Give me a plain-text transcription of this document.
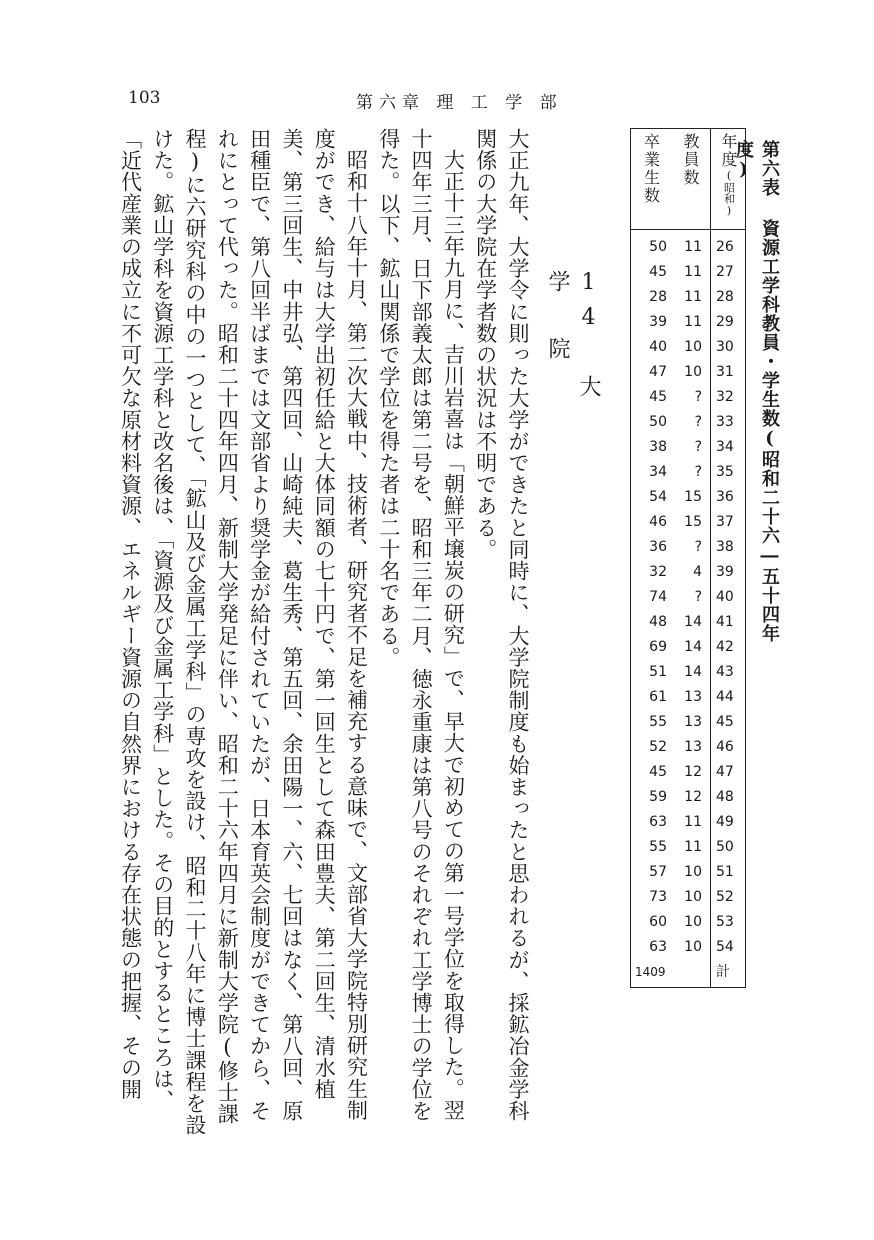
103	第六章 理 工 学 部
14 大 学 院

大正九年、大学令に則った大学ができたと同時に、大学院制度も始まったと思われるが、採鉱冶金学科関係の大学院在学者数の状況は不明である。

大正十三年九月に、吉川岩喜は「朝鮮平壌炭の研究」で、早大で初めての第一号学位を取得した。翌十四年三月、日下部義太郎は第二号を、昭和三年二月、徳永重康は第八号のそれぞれ工学博士の学位を得た。以下、鉱山関係で学位を得た者は二十名である。

昭和十八年十月、第二次大戦中、技術者、研究者不足を補充する意味で、文部省大学院特別研究生制度ができ、給与は大学出初任給と大体同額の七十円で、第一回生として森田豊夫、第二回生、清水植美、第三回生、中井弘、第四回、山崎純夫、葛生秀、第五回、余田陽一、六、七回はなく、第八回、原田種臣で、第八回半ばまでは文部省より奨学金が給付されていたが、日本育英会制度ができてから、それにとって代った。昭和二十四年四月、新制大学発足に伴い、昭和二十六年四月に新制大学院(修士課程)に六研究科の中の一つとして、「鉱山及び金属工学科」の専攻を設け、昭和二十八年に博士課程を設けた。鉱山学科を資源工学科と改名後は、「資源及び金属工学科」とした。その目的とするところは、「近代産業の成立に不可欠な原材料資源、エネルギー資源の自然界における存在状態の把握、その開	第六表 資源工学科教員・学生数(昭和二十六―五十四年度)
年度
(昭和)
26
27
28
29
30
31
32
33
34
35
36
37
38
39
40
41
42
43
44
45
46
47
48
49
50
51
52
53
54
計
教員数
11
11
11
11
10
10
?
?
?
?
15
15
?
4
?
14
14
14
13
13
13
12
12
11
11
10
10
10
10
卒業生数
50
45
28
39
40
47
45
50
38
34
54
46
36
32
74
48
69
51
61
55
52
45
59
63
55
57
73
60
63
1409
